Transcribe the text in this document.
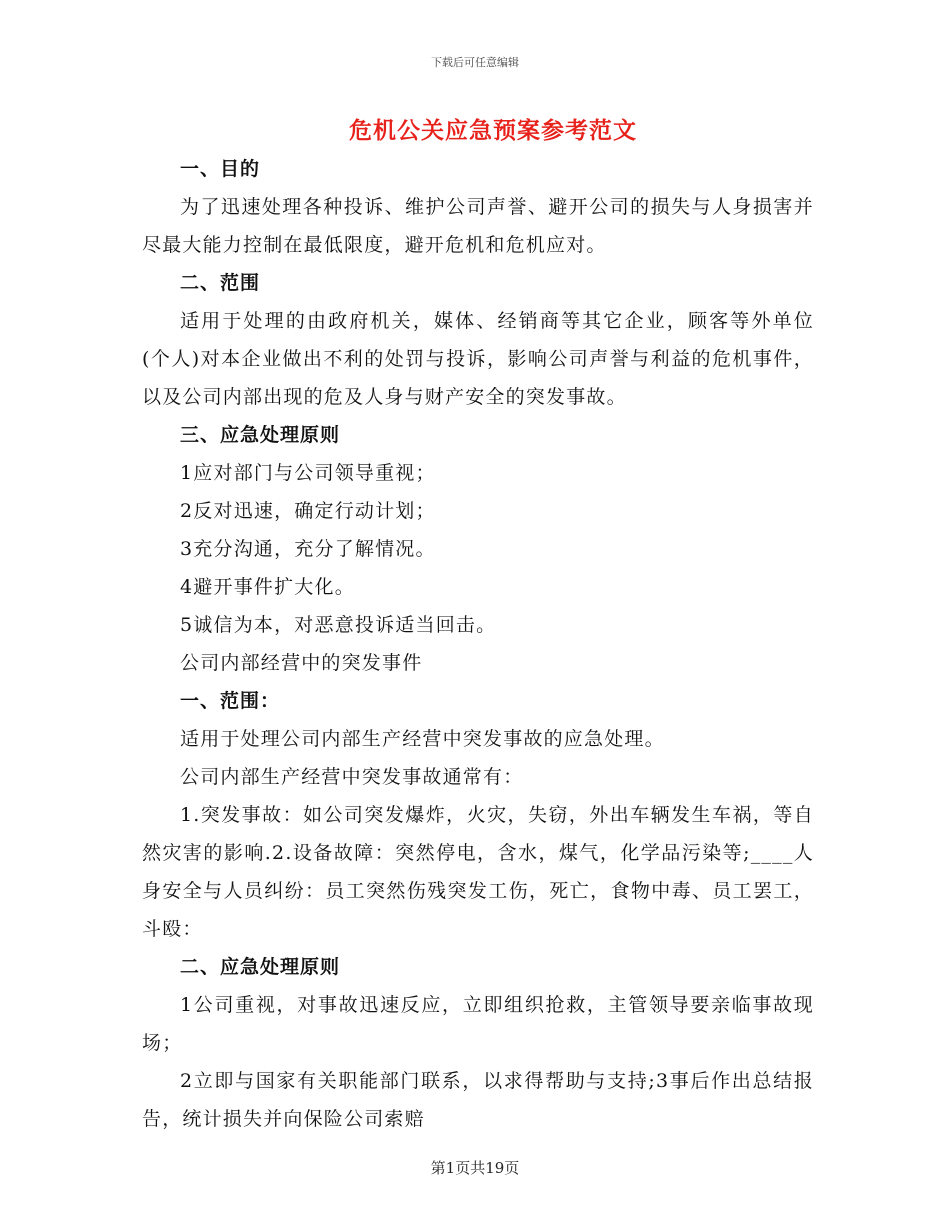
下载后可任意编辑
危机公关应急预案参考范文
一、目的
为了迅速处理各种投诉、维护公司声誉、避开公司的损失与人身损害并尽最大能力控制在最低限度，避开危机和危机应对。
二、范围
适用于处理的由政府机关，媒体、经销商等其它企业，顾客等外单位(个人)对本企业做出不利的处罚与投诉，影响公司声誉与利益的危机事件，以及公司内部出现的危及人身与财产安全的突发事故。
三、应急处理原则
1应对部门与公司领导重视；
2反对迅速，确定行动计划；
3充分沟通，充分了解情况。
4避开事件扩大化。
5诚信为本，对恶意投诉适当回击。
公司内部经营中的突发事件
一、范围：
适用于处理公司内部生产经营中突发事故的应急处理。
公司内部生产经营中突发事故通常有：
1.突发事故：如公司突发爆炸，火灾，失窃，外出车辆发生车祸，等自然灾害的影响.2.设备故障：突然停电，含水，煤气，化学品污染等;____人身安全与人员纠纷：员工突然伤残突发工伤，死亡，食物中毒、员工罢工，斗殴：
二、应急处理原则
1公司重视，对事故迅速反应，立即组织抢救，主管领导要亲临事故现场；
2立即与国家有关职能部门联系，以求得帮助与支持;3事后作出总结报告，统计损失并向保险公司索赔
第1页共19页
